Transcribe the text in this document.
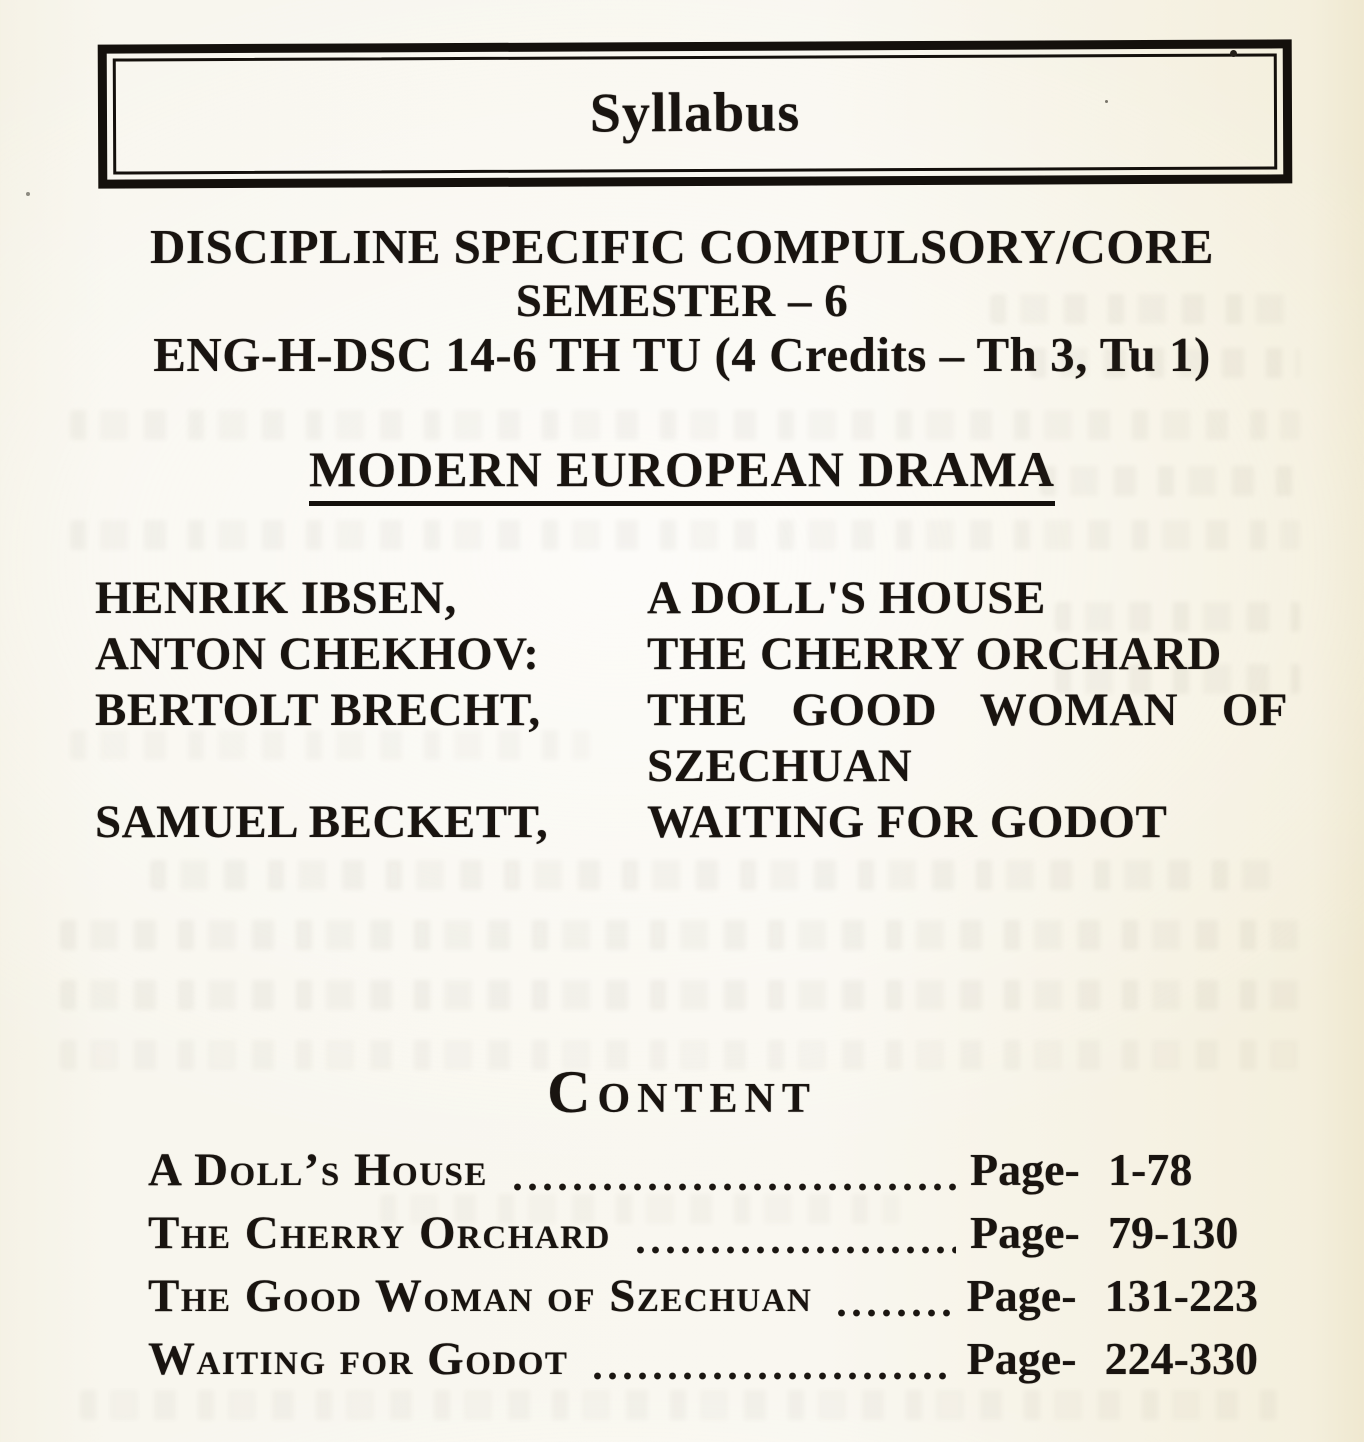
Syllabus
DISCIPLINE SPECIFIC COMPULSORY/CORE
SEMESTER – 6
ENG-H-DSC 14-6 TH TU (4 Credits – Th 3, Tu 1)
MODERN EUROPEAN DRAMA
HENRIK IBSEN,	A DOLL'S HOUSE
ANTON CHEKHOV:	THE CHERRY ORCHARD
BERTOLT BRECHT,	THE GOOD WOMAN OF SZECHUAN
SAMUEL BECKETT,	WAITING FOR GODOT
Content
A Doll’s House	Page- 1-78
The Cherry Orchard	Page- 79-130
The Good Woman of Szechuan	Page- 131-223
Waiting for Godot	Page- 224-330
